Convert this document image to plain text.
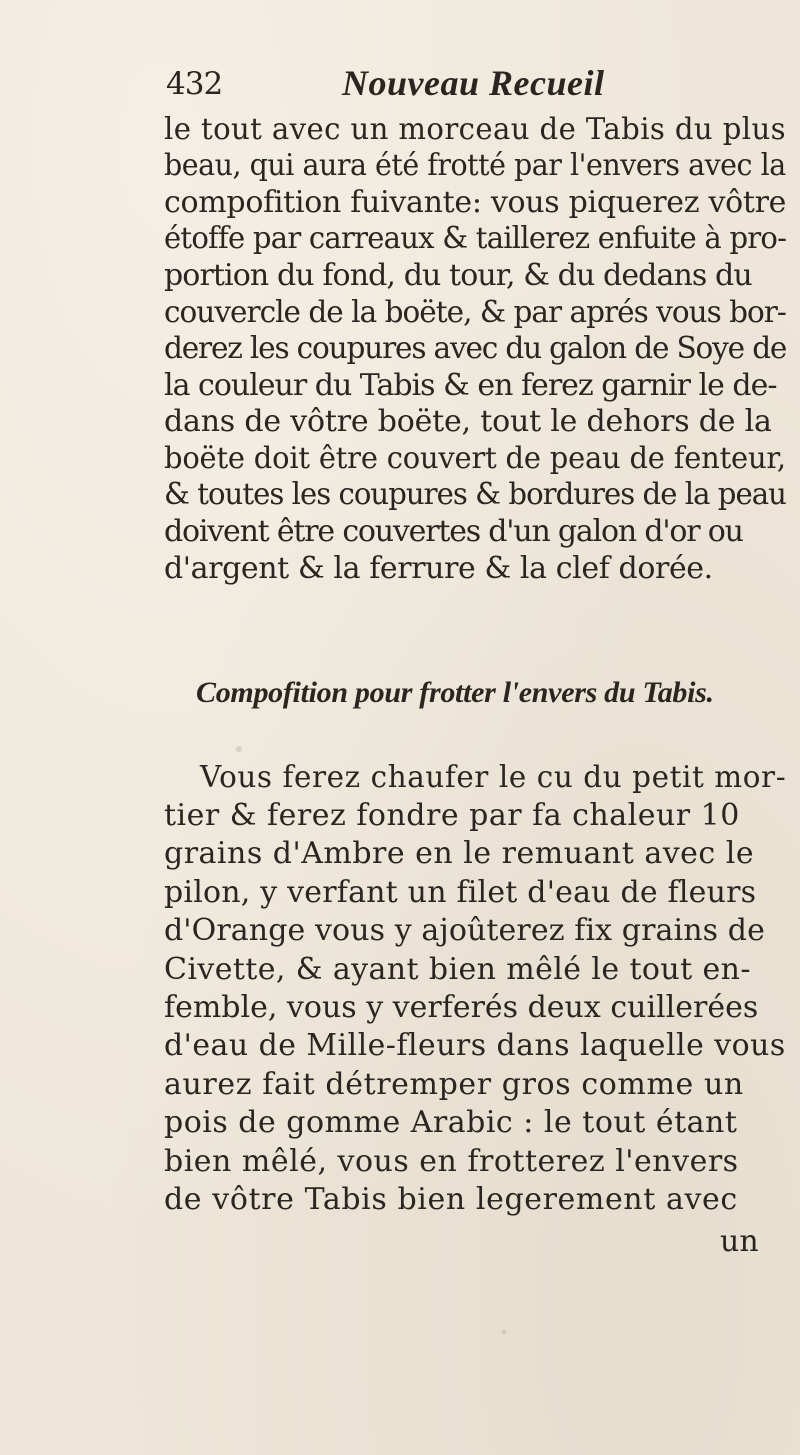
432	Nouveau Recueil
le tout avec un morceau de Tabis du plus
beau, qui aura été frotté par l'envers avec la
compofition fuivante: vous piquerez vôtre
étoffe par carreaux & taillerez enfuite à pro-
portion du fond, du tour, & du dedans du
couvercle de la boëte, & par aprés vous bor-
derez les coupures avec du galon de Soye de
la couleur du Tabis & en ferez garnir le de-
dans de vôtre boëte, tout le dehors de la
boëte doit être couvert de peau de fenteur,
& toutes les coupures & bordures de la peau
doivent être couvertes d'un galon d'or ou
d'argent & la ferrure & la clef dorée.
Compofition pour frotter l'envers du Tabis.
Vous ferez chaufer le cu du petit mor-
tier & ferez fondre par fa chaleur 10
grains d'Ambre en le remuant avec le
pilon, y verfant un filet d'eau de fleurs
d'Orange vous y ajoûterez fix grains de
Civette, & ayant bien mêlé le tout en-
femble, vous y verferés deux cuillerées
d'eau de Mille-fleurs dans laquelle vous
aurez fait détremper gros comme un
pois de gomme Arabic : le tout étant
bien mêlé, vous en frotterez l'envers
de vôtre Tabis bien legerement avec
un
